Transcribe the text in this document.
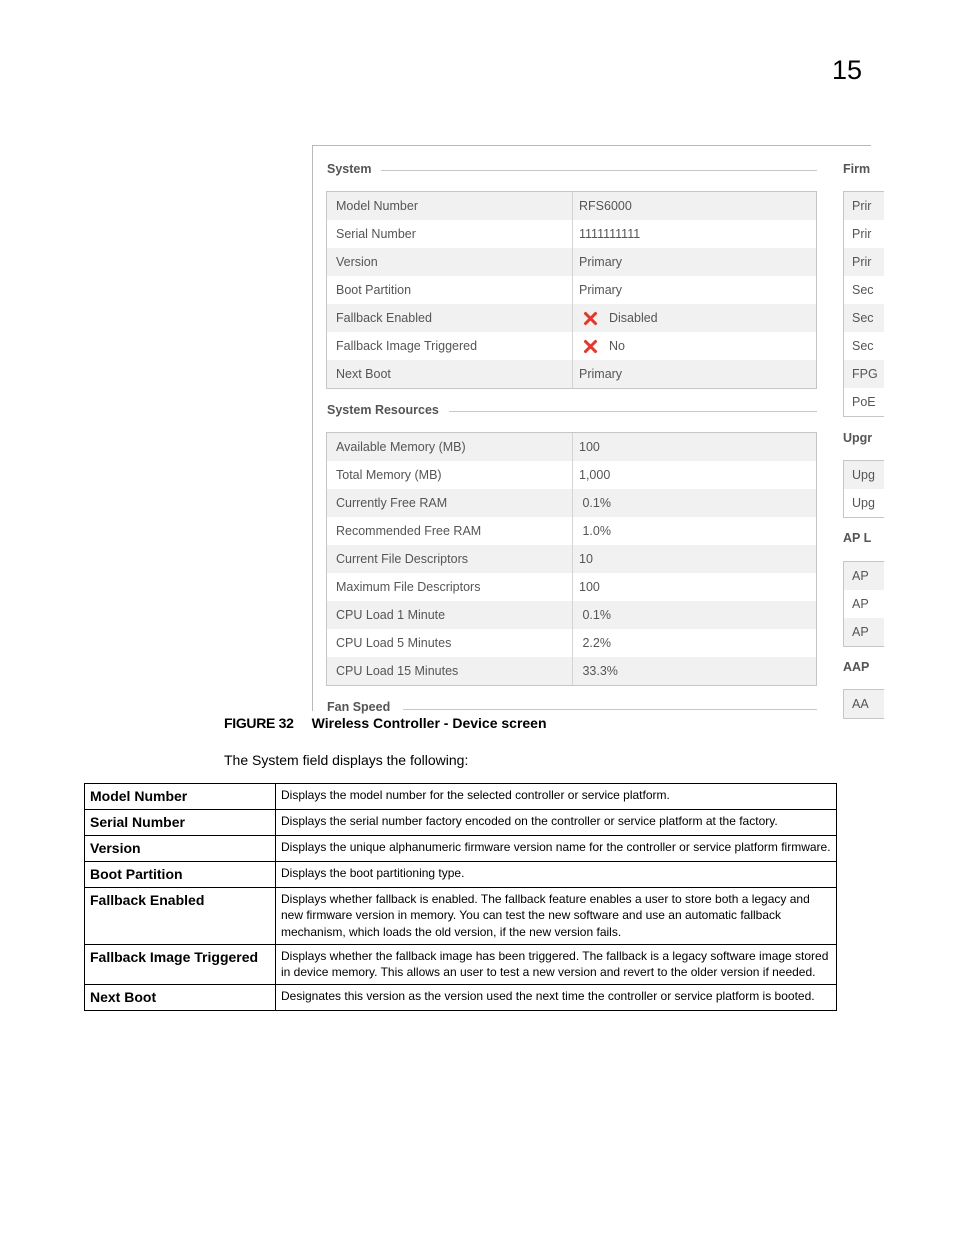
15
System
Model Number	RFS6000
Serial Number	1111111111
Version	Primary
Boot Partition	Primary
Fallback Enabled	Disabled
Fallback Image Triggered	No
Next Boot	Primary
System Resources
Available Memory (MB)	100
Total Memory (MB)	1,000
Currently Free RAM	0.1%
Recommended Free RAM	1.0%
Current File Descriptors	10
Maximum File Descriptors	100
CPU Load 1 Minute	0.1%
CPU Load 5 Minutes	2.2%
CPU Load 15 Minutes	33.3%
Fan Speed
Firm
Prir
Prir
Prir
Sec
Sec
Sec
FPG
PoE
Upgr
Upg
Upg
AP L
AP
AP
AP
AAP
AA
FIGURE 32 Wireless Controller - Device screen
The System field displays the following:
Model Number	Displays the model number for the selected controller or service platform.
Serial Number	Displays the serial number factory encoded on the controller or service platform at the factory.
Version	Displays the unique alphanumeric firmware version name for the controller or service platform firmware.
Boot Partition	Displays the boot partitioning type.
Fallback Enabled	Displays whether fallback is enabled. The fallback feature enables a user to store both a legacy and new firmware version in memory. You can test the new software and use an automatic fallback mechanism, which loads the old version, if the new version fails.
Fallback Image Triggered	Displays whether the fallback image has been triggered. The fallback is a legacy software image stored in device memory. This allows an user to test a new version and revert to the older version if needed.
Next Boot	Designates this version as the version used the next time the controller or service platform is booted.
